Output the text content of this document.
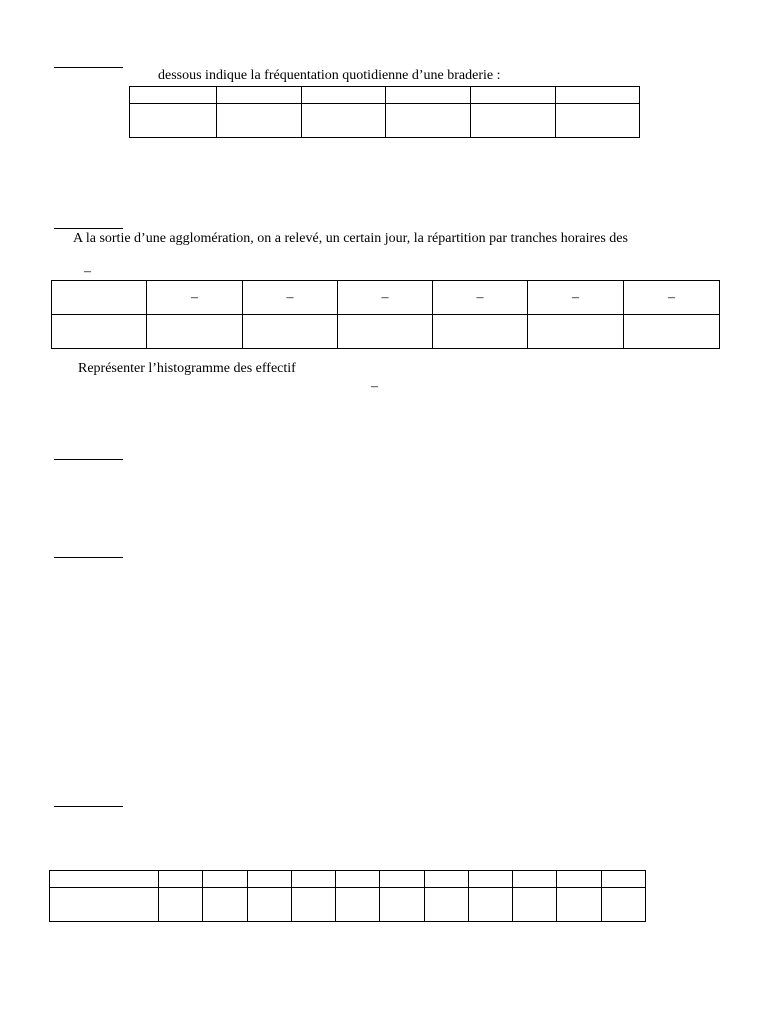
dessous indique la fréquentation quotidienne d’une braderie :

A la sortie d’une agglomération, on a relevé, un certain jour, la répartition par tranches horaires des
–
	–	–	–	–	–	–

Représenter l’histogramme des effectif
–
